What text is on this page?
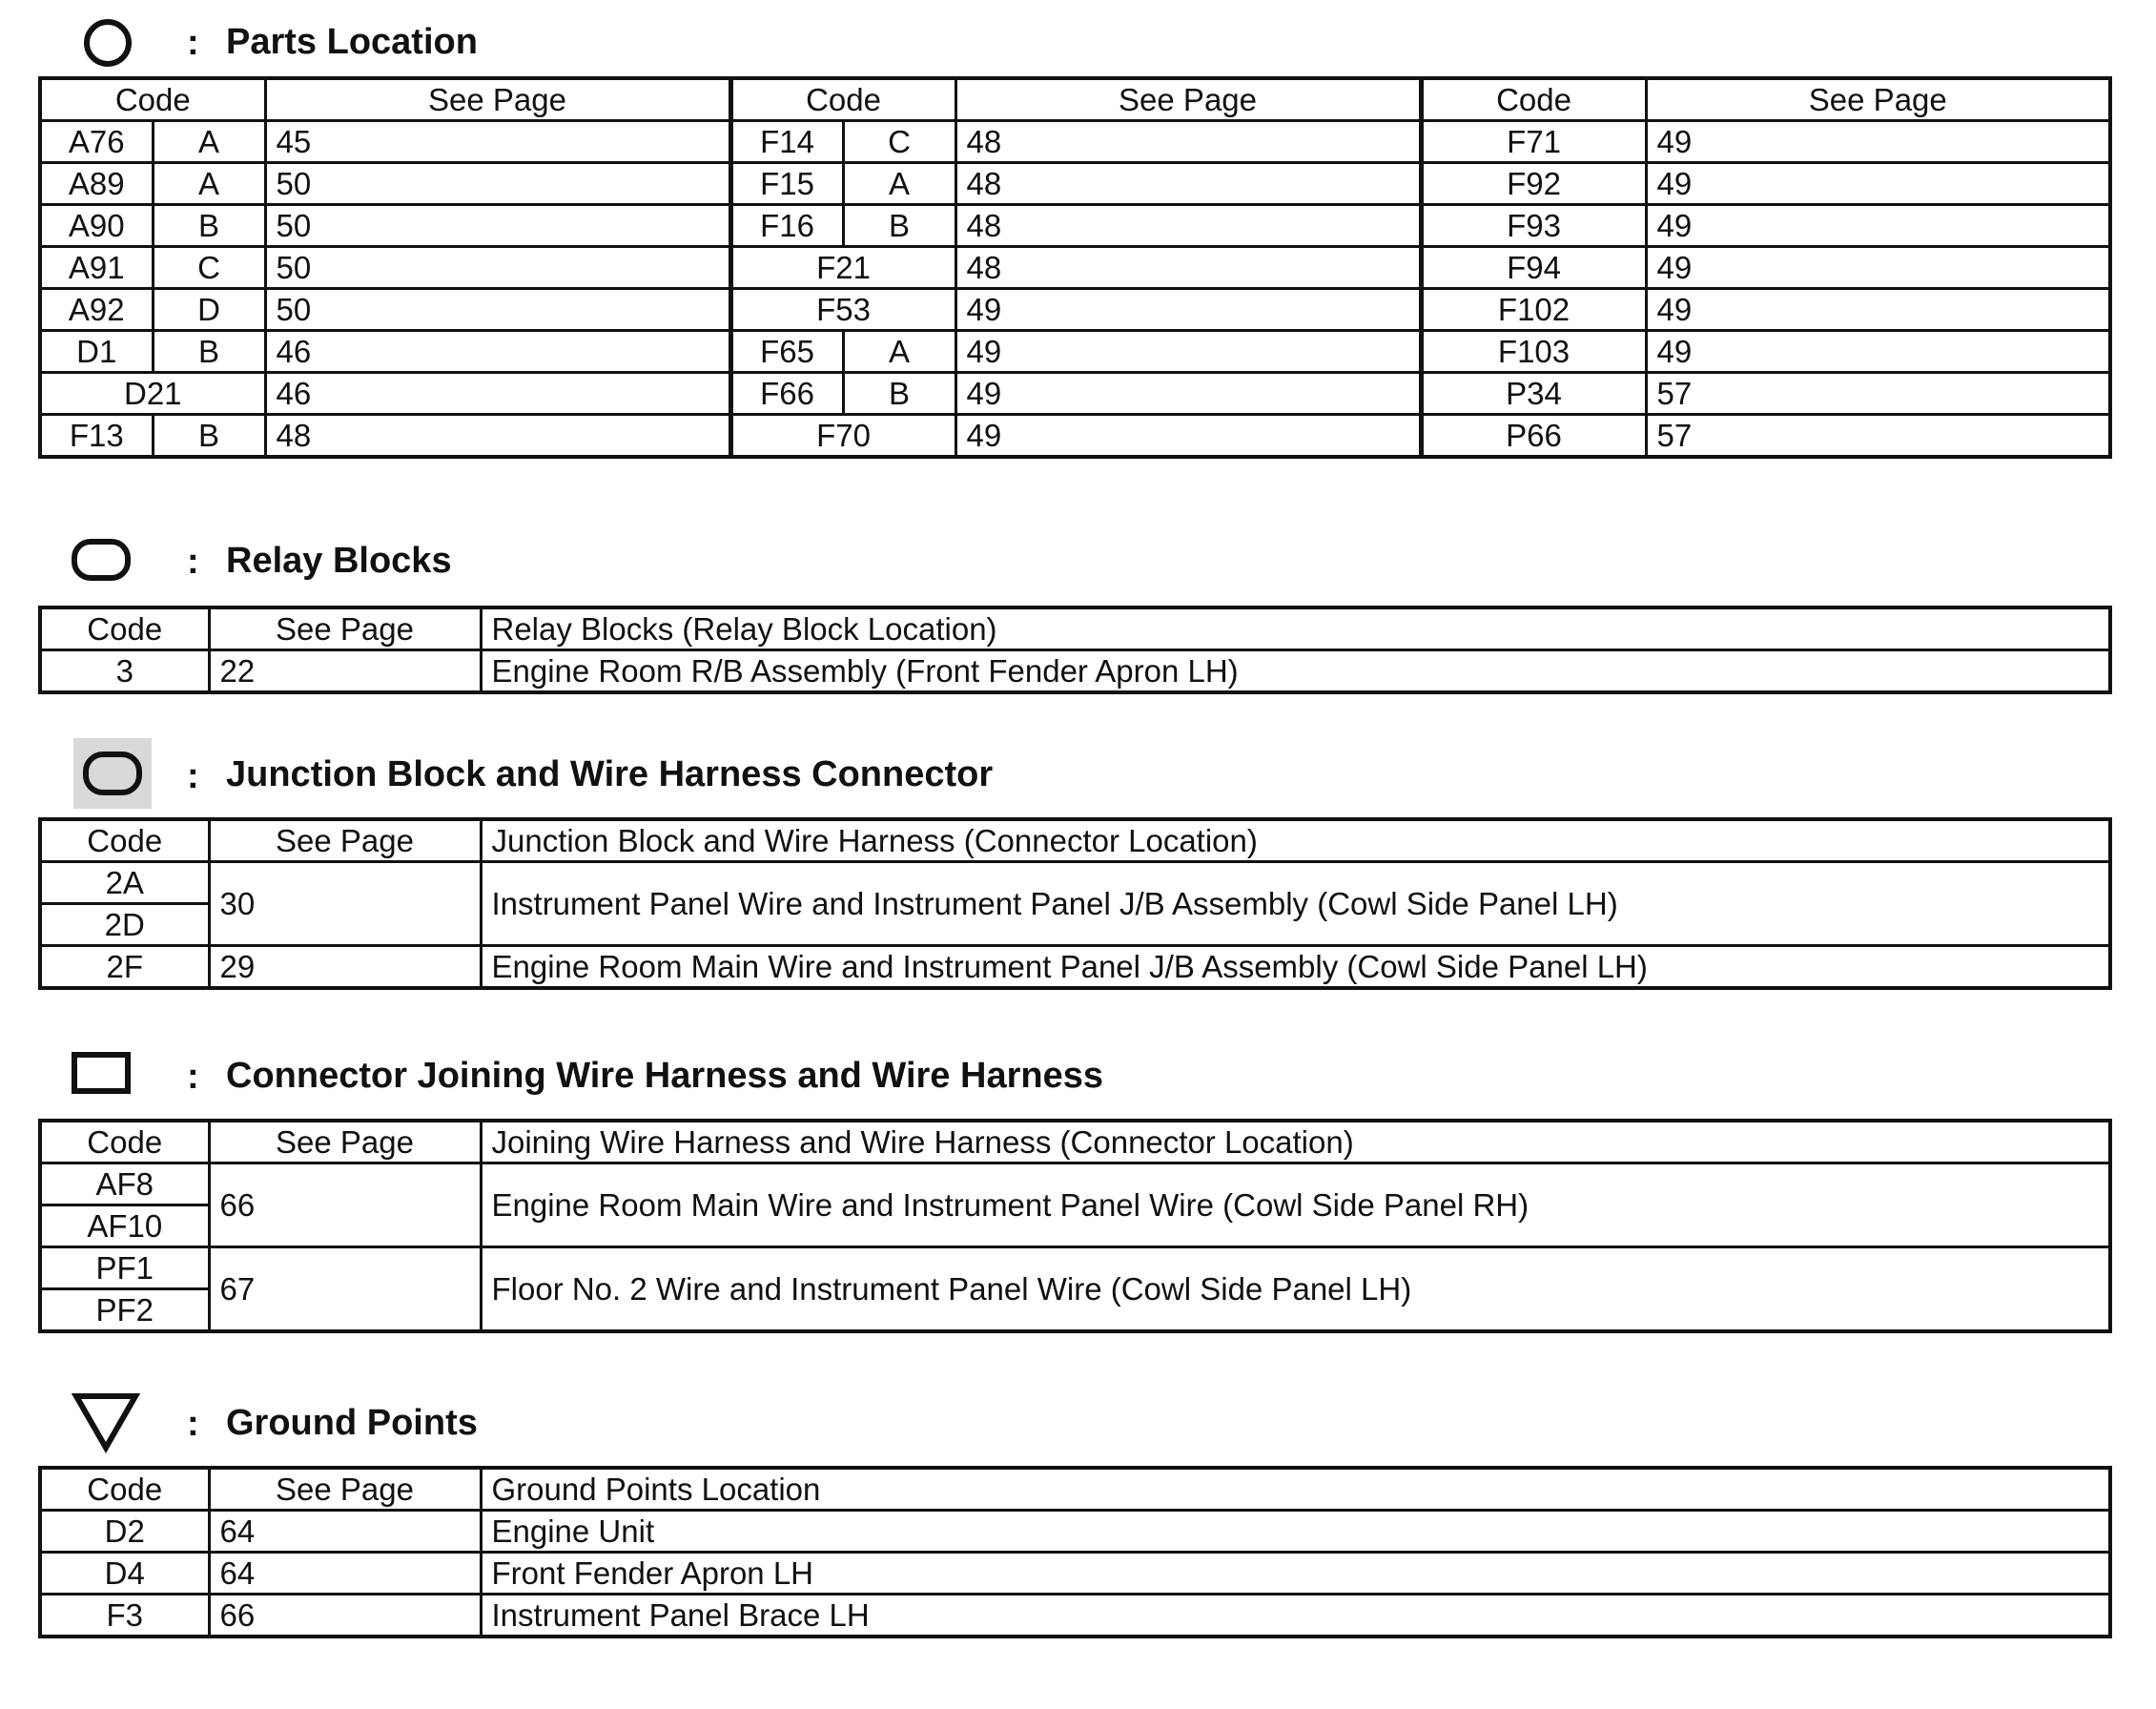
: Parts Location
Code		See Page	Code		See Page	Code	See Page
A76	A	45	F14	C	48	F71	49
A89	A	50	F15	A	48	F92	49
A90	B	50	F16	B	48	F93	49
A91	C	50	F21		48	F94	49
A92	D	50	F53		49	F102	49
D1	B	46	F65	A	49	F103	49
D21		46	F66	B	49	P34	57
F13	B	48	F70		49	P66	57
: Relay Blocks
Code	See Page	Relay Blocks (Relay Block Location)
3	22	Engine Room R/B Assembly (Front Fender Apron LH)
: Junction Block and Wire Harness Connector
Code	See Page	Junction Block and Wire Harness (Connector Location)
2A	30	Instrument Panel Wire and Instrument Panel J/B Assembly (Cowl Side Panel LH)
2D		
2F	29	Engine Room Main Wire and Instrument Panel J/B Assembly (Cowl Side Panel LH)
: Connector Joining Wire Harness and Wire Harness
Code	See Page	Joining Wire Harness and Wire Harness (Connector Location)
AF8	66	Engine Room Main Wire and Instrument Panel Wire (Cowl Side Panel RH)
AF10		
PF1	67	Floor No. 2 Wire and Instrument Panel Wire (Cowl Side Panel LH)
PF2		
: Ground Points
Code	See Page	Ground Points Location
D2	64	Engine Unit
D4	64	Front Fender Apron LH
F3	66	Instrument Panel Brace LH
